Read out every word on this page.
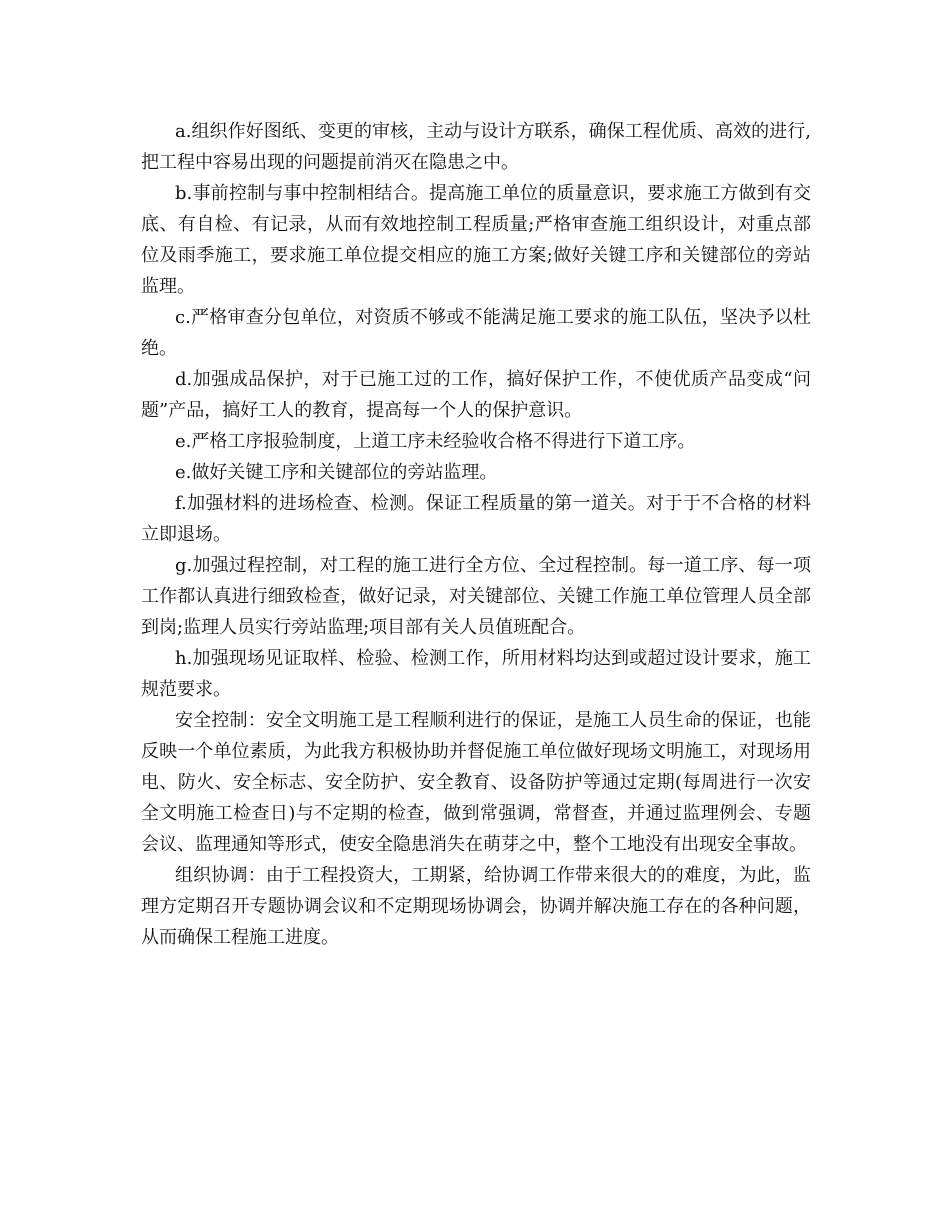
a.组织作好图纸、变更的审核，主动与设计方联系，确保工程优质、高效的进行,把工程中容易出现的问题提前消灭在隐患之中。

b.事前控制与事中控制相结合。提高施工单位的质量意识，要求施工方做到有交底、有自检、有记录，从而有效地控制工程质量;严格审查施工组织设计，对重点部位及雨季施工，要求施工单位提交相应的施工方案;做好关键工序和关键部位的旁站监理。

c.严格审查分包单位，对资质不够或不能满足施工要求的施工队伍，坚决予以杜绝。

d.加强成品保护，对于已施工过的工作，搞好保护工作，不使优质产品变成“问题”产品，搞好工人的教育，提高每一个人的保护意识。

e.严格工序报验制度，上道工序未经验收合格不得进行下道工序。

e.做好关键工序和关键部位的旁站监理。

f.加强材料的进场检查、检测。保证工程质量的第一道关。对于于不合格的材料立即退场。

g.加强过程控制，对工程的施工进行全方位、全过程控制。每一道工序、每一项工作都认真进行细致检查，做好记录，对关键部位、关键工作施工单位管理人员全部到岗;监理人员实行旁站监理;项目部有关人员值班配合。

h.加强现场见证取样、检验、检测工作，所用材料均达到或超过设计要求，施工规范要求。

安全控制：安全文明施工是工程顺利进行的保证，是施工人员生命的保证，也能反映一个单位素质，为此我方积极协助并督促施工单位做好现场文明施工，对现场用电、防火、安全标志、安全防护、安全教育、设备防护等通过定期(每周进行一次安全文明施工检查日)与不定期的检查，做到常强调，常督查，并通过监理例会、专题会议、监理通知等形式，使安全隐患消失在萌芽之中，整个工地没有出现安全事故。

组织协调：由于工程投资大，工期紧，给协调工作带来很大的的难度，为此，监理方定期召开专题协调会议和不定期现场协调会，协调并解决施工存在的各种问题，从而确保工程施工进度。
